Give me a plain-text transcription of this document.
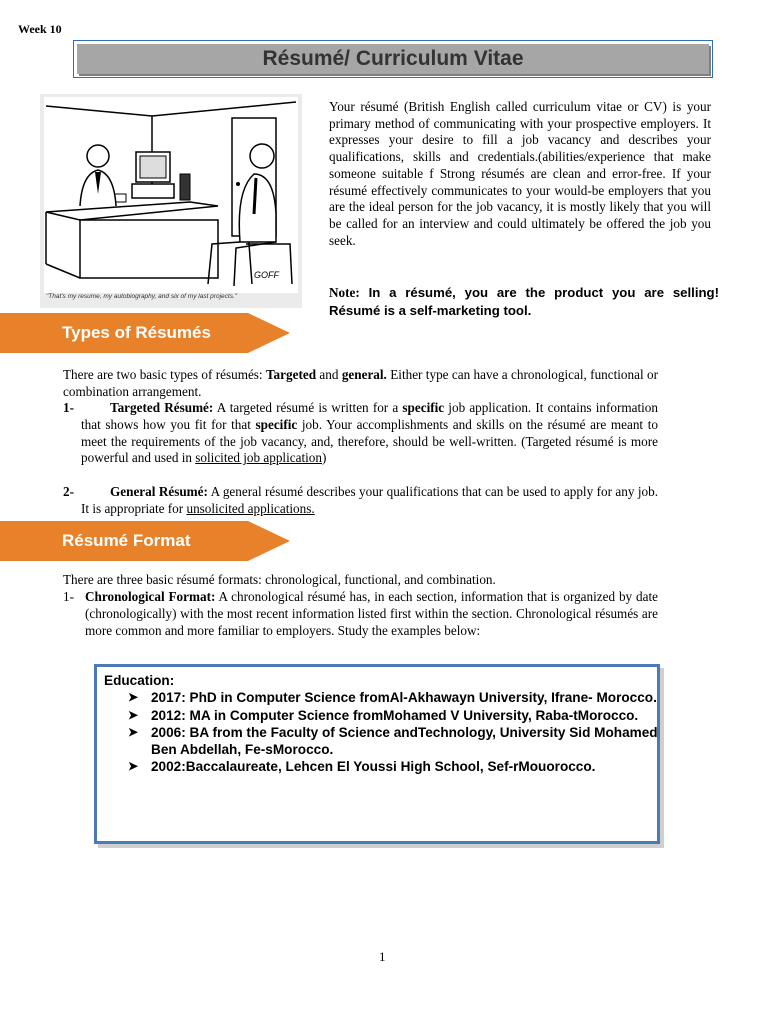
Week 10
Résumé/ Curriculum Vitae
GOFF
"That's my resume, my autobiography, and six of my last projects."
Your résumé (British English called curriculum vitae or CV) is your primary method of communicating with your prospective employers. It expresses your desire to fill a job vacancy and describes your qualifications, skills and credentials.(abilities/experience that make someone suitable f Strong résumés are clean and error-free. If your résumé effectively communicates to your would-be employers that you are the ideal person for the job vacancy, it is mostly likely that you will be called for an interview and could ultimately be offered the job you seek.
Note: In a résumé, you are the product you are selling! Résumé is a self-marketing tool.
Types of Résumés
There are two basic types of résumés: Targeted and general. Either type can have a chronological, functional or combination arrangement.
1-	Targeted Résumé: A targeted résumé is written for a specific job application. It contains information that shows how you fit for that specific job. Your accomplishments and skills on the résumé are meant to meet the requirements of the job vacancy, and, therefore, should be well-written. (Targeted résumé is more powerful and used in solicited job application)
2-	General Résumé: A general résumé describes your qualifications that can be used to apply for any job. It is appropriate for unsolicited applications.
Résumé Format
There are three basic résumé formats: chronological, functional, and combination.
1- Chronological Format: A chronological résumé has, in each section, information that is organized by date (chronologically) with the most recent information listed first within the section. Chronological résumés are more common and more familiar to employers. Study the examples below:
Education:
➤ 2017: PhD in Computer Science fromAl-Akhawayn University, Ifrane- Morocco.
➤ 2012: MA in Computer Science fromMohamed V University, Raba-tMorocco.
➤ 2006: BA from the Faculty of Science andTechnology, University Sid Mohamed Ben Abdellah, Fe-sMorocco.
➤ 2002:Baccalaureate, Lehcen El Youssi High School, Sef-rMouorocco.
1
